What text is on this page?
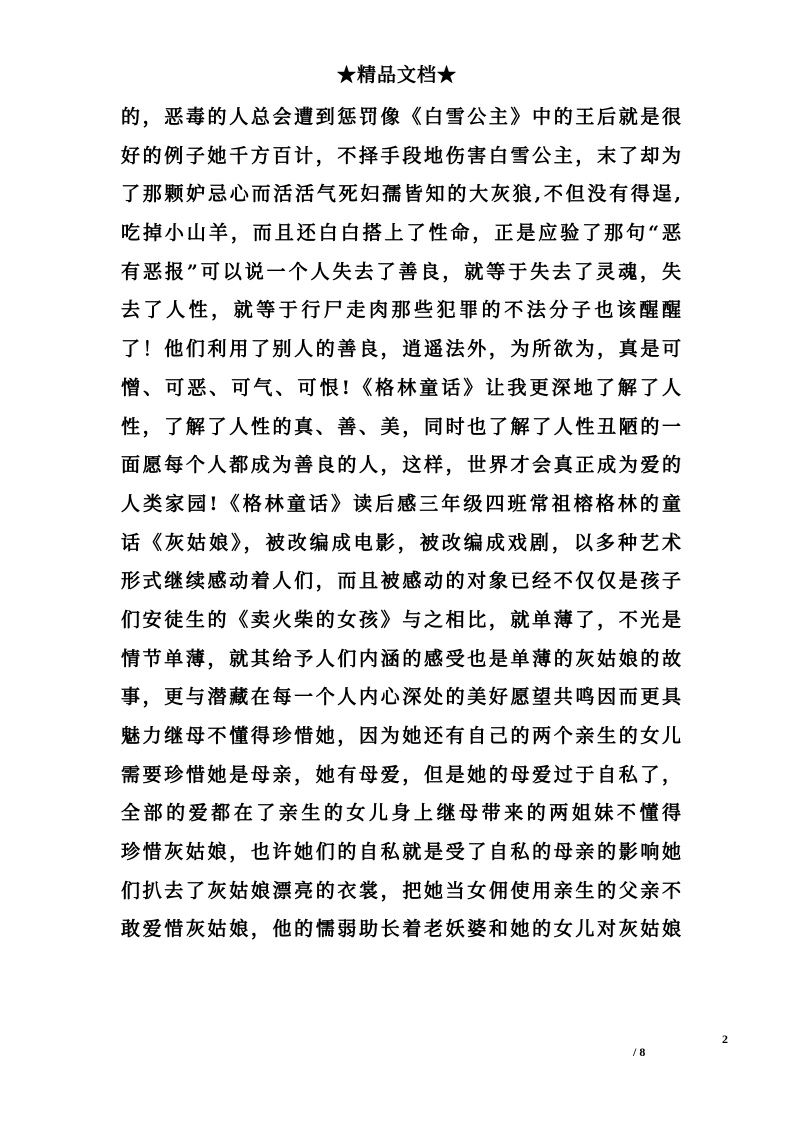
★精品文档★
的，恶毒的人总会遭到惩罚像《白雪公主》中的王后就是很
好的例子她千方百计，不择手段地伤害白雪公主，末了却为
了那颗妒忌心而活活气死妇孺皆知的大灰狼,不但没有得逞,
吃掉小山羊，而且还白白搭上了性命，正是应验了那句“恶
有恶报”可以说一个人失去了善良，就等于失去了灵魂，失
去了人性，就等于行尸走肉那些犯罪的不法分子也该醒醒
了！他们利用了别人的善良，逍遥法外，为所欲为，真是可
憎、可恶、可气、可恨!《格林童话》让我更深地了解了人
性，了解了人性的真、善、美，同时也了解了人性丑陋的一
面愿每个人都成为善良的人，这样，世界才会真正成为爱的
人类家园!《格林童话》读后感三年级四班常祖榕格林的童
话《灰姑娘》，被改编成电影，被改编成戏剧，以多种艺术
形式继续感动着人们，而且被感动的对象已经不仅仅是孩子
们安徒生的《卖火柴的女孩》与之相比，就单薄了，不光是
情节单薄，就其给予人们内涵的感受也是单薄的灰姑娘的故
事，更与潜藏在每一个人内心深处的美好愿望共鸣因而更具
魅力继母不懂得珍惜她，因为她还有自己的两个亲生的女儿
需要珍惜她是母亲，她有母爱，但是她的母爱过于自私了，
全部的爱都在了亲生的女儿身上继母带来的两姐妹不懂得
珍惜灰姑娘，也许她们的自私就是受了自私的母亲的影响她
们扒去了灰姑娘漂亮的衣裳，把她当女佣使用亲生的父亲不
敢爱惜灰姑娘，他的懦弱助长着老妖婆和她的女儿对灰姑娘
2
/ 8
